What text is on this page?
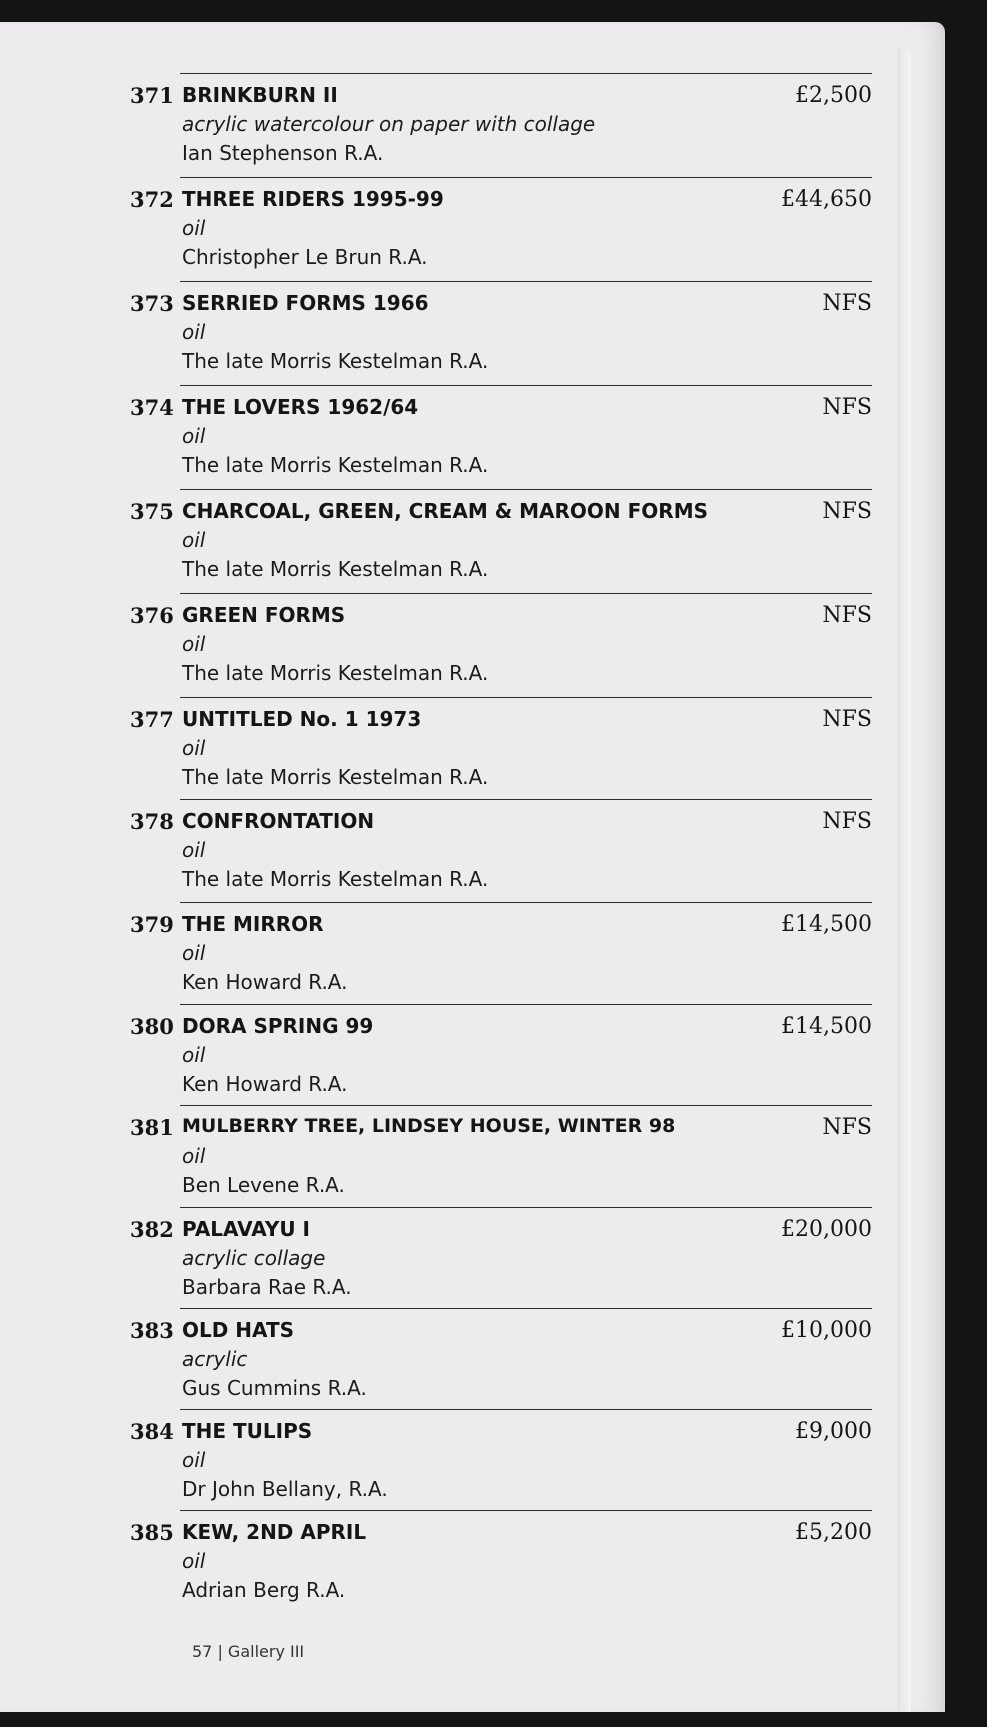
371 BRINKBURN II
acrylic watercolour on paper with collage
Ian Stephenson R.A.
£2,500
372 THREE RIDERS 1995-99
oil
Christopher Le Brun R.A.
£44,650
373 SERRIED FORMS 1966
oil
The late Morris Kestelman R.A.
NFS
374 THE LOVERS 1962/64
oil
The late Morris Kestelman R.A.
NFS
375 CHARCOAL, GREEN, CREAM & MAROON FORMS
oil
The late Morris Kestelman R.A.
NFS
376 GREEN FORMS
oil
The late Morris Kestelman R.A.
NFS
377 UNTITLED No. 1 1973
oil
The late Morris Kestelman R.A.
NFS
378 CONFRONTATION
oil
The late Morris Kestelman R.A.
NFS
379 THE MIRROR
oil
Ken Howard R.A.
£14,500
380 DORA SPRING 99
oil
Ken Howard R.A.
£14,500
381 MULBERRY TREE, LINDSEY HOUSE, WINTER 98
oil
Ben Levene R.A.
NFS
382 PALAVAYU I
acrylic collage
Barbara Rae R.A.
£20,000
383 OLD HATS
acrylic
Gus Cummins R.A.
£10,000
384 THE TULIPS
oil
Dr John Bellany, R.A.
£9,000
385 KEW, 2ND APRIL
oil
Adrian Berg R.A.
£5,200
57 | Gallery III
